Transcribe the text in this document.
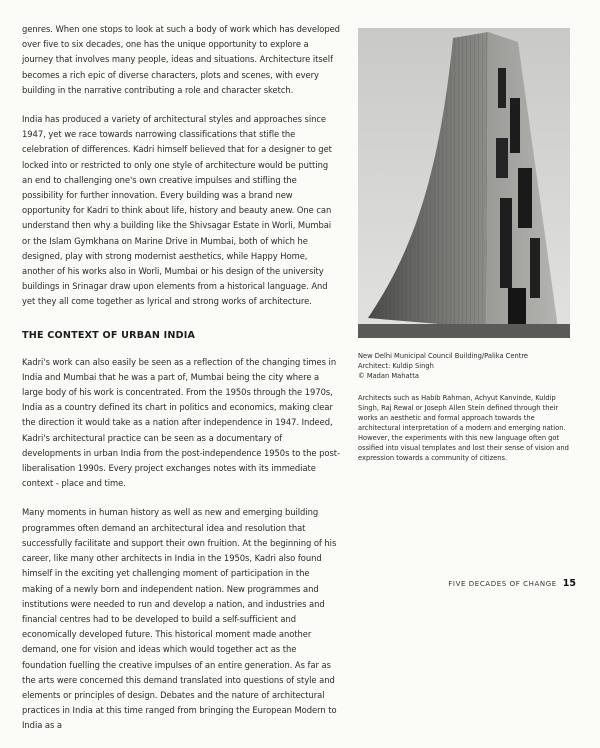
genres. When one stops to look at such a body of work which has developed over five to six decades, one has the unique opportunity to explore a journey that involves many people, ideas and situations. Architecture itself becomes a rich epic of diverse characters, plots and scenes, with every building in the narrative contributing a role and character sketch.

India has produced a variety of architectural styles and approaches since 1947, yet we race towards narrowing classifications that stifle the celebration of differences. Kadri himself believed that for a designer to get locked into or restricted to only one style of architecture would be putting an end to challenging one's own creative impulses and stifling the possibility for further innovation. Every building was a brand new opportunity for Kadri to think about life, history and beauty anew. One can understand then why a building like the Shivsagar Estate in Worli, Mumbai or the Islam Gymkhana on Marine Drive in Mumbai, both of which he designed, play with strong modernist aesthetics, while Happy Home, another of his works also in Worli, Mumbai or his design of the university buildings in Srinagar draw upon elements from a historical language. And yet they all come together as lyrical and strong works of architecture.

THE CONTEXT OF URBAN INDIA

Kadri's work can also easily be seen as a reflection of the changing times in India and Mumbai that he was a part of, Mumbai being the city where a large body of his work is concentrated. From the 1950s through the 1970s, India as a country defined its chart in politics and economics, making clear the direction it would take as a nation after independence in 1947. Indeed, Kadri's architectural practice can be seen as a documentary of developments in urban India from the post-independence 1950s to the post-liberalisation 1990s. Every project exchanges notes with its immediate context - place and time.

Many moments in human history as well as new and emerging building programmes often demand an architectural idea and resolution that successfully facilitate and support their own fruition. At the beginning of his career, like many other architects in India in the 1950s, Kadri also found himself in the exciting yet challenging moment of participation in the making of a newly born and independent nation. New programmes and institutions were needed to run and develop a nation, and industries and financial centres had to be developed to build a self-sufficient and economically developed future. This historical moment made another demand, one for vision and ideas which would together act as the foundation fuelling the creative impulses of an entire generation. As far as the arts were concerned this demand translated into questions of style and elements or principles of design. Debates and the nature of architectural practices in India at this time ranged from bringing the European Modern to India as a

New Delhi Municipal Council Building/Palika Centre
Architect: Kuldip Singh
© Madan Mahatta

Architects such as Habib Rahman, Achyut Kanvinde, Kuldip Singh, Raj Rewal or Joseph Allen Stein defined through their works an aesthetic and formal approach towards the architectural interpretation of a modern and emerging nation. However, the experiments with this new language often got ossified into visual templates and lost their sense of vision and expression towards a community of citizens.

FIVE DECADES OF CHANGE 15
